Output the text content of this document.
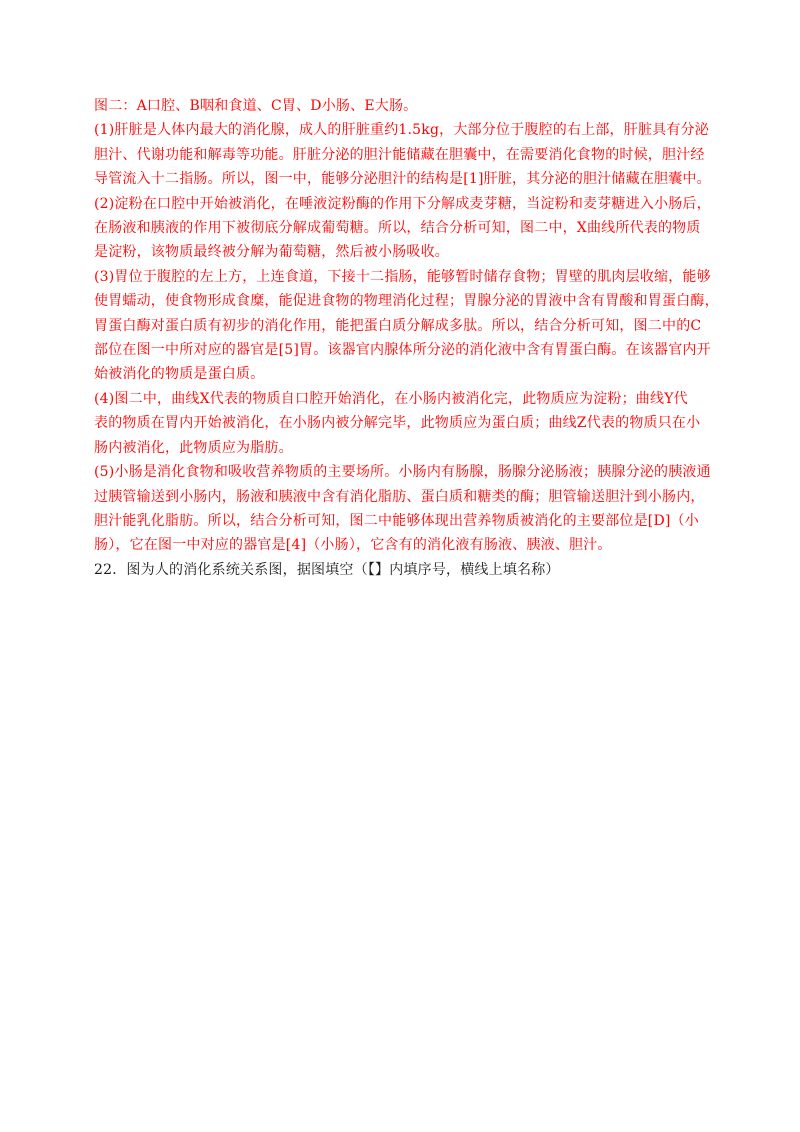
图二：A口腔、B咽和食道、C胃、D小肠、E大肠。

(1)肝脏是人体内最大的消化腺，成人的肝脏重约1.5kg，大部分位于腹腔的右上部，肝脏具有分泌
胆汁、代谢功能和解毒等功能。肝脏分泌的胆汁能储藏在胆囊中，在需要消化食物的时候，胆汁经
导管流入十二指肠。所以，图一中，能够分泌胆汁的结构是[1]肝脏，其分泌的胆汁储藏在胆囊中。

(2)淀粉在口腔中开始被消化，在唾液淀粉酶的作用下分解成麦芽糖，当淀粉和麦芽糖进入小肠后，
在肠液和胰液的作用下被彻底分解成葡萄糖。所以，结合分析可知，图二中，X曲线所代表的物质
是淀粉，该物质最终被分解为葡萄糖，然后被小肠吸收。

(3)胃位于腹腔的左上方，上连食道，下接十二指肠，能够暂时储存食物；胃壁的肌肉层收缩，能够
使胃蠕动，使食物形成食糜，能促进食物的物理消化过程；胃腺分泌的胃液中含有胃酸和胃蛋白酶，
胃蛋白酶对蛋白质有初步的消化作用，能把蛋白质分解成多肽。所以，结合分析可知，图二中的C
部位在图一中所对应的器官是[5]胃。该器官内腺体所分泌的消化液中含有胃蛋白酶。在该器官内开
始被消化的物质是蛋白质。

(4)图二中，曲线X代表的物质自口腔开始消化，在小肠内被消化完，此物质应为淀粉；曲线Y代
表的物质在胃内开始被消化，在小肠内被分解完毕，此物质应为蛋白质；曲线Z代表的物质只在小
肠内被消化，此物质应为脂肪。

(5)小肠是消化食物和吸收营养物质的主要场所。小肠内有肠腺，肠腺分泌肠液；胰腺分泌的胰液通
过胰管输送到小肠内，肠液和胰液中含有消化脂肪、蛋白质和糖类的酶；胆管输送胆汁到小肠内，
胆汁能乳化脂肪。所以，结合分析可知，图二中能够体现出营养物质被消化的主要部位是[D]（小
肠），它在图一中对应的器官是[4]（小肠），它含有的消化液有肠液、胰液、胆汁。

22．图为人的消化系统关系图，据图填空（【】内填序号，横线上填名称）
